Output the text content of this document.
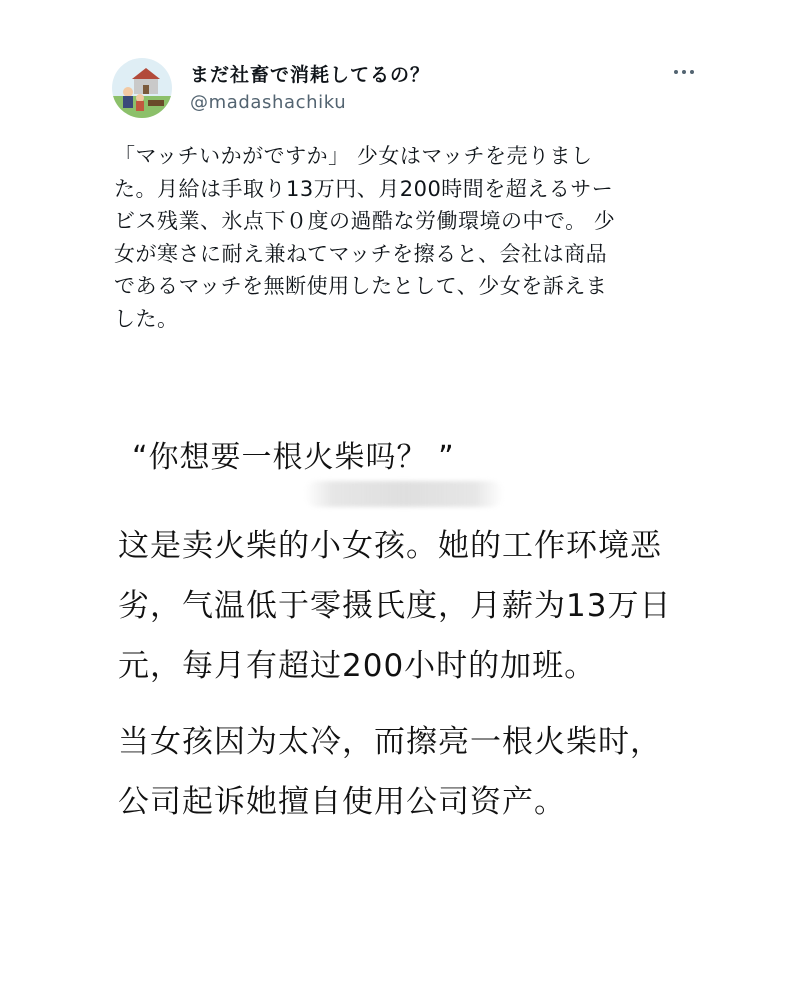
まだ社畜で消耗してるの？
@madashachiku
「マッチいかがですか」 少女はマッチを売りまし
た。月給は手取り13万円、月200時間を超えるサー
ビス残業、氷点下０度の過酷な労働環境の中で。 少
女が寒さに耐え兼ねてマッチを擦ると、会社は商品
であるマッチを無断使用したとして、少女を訴えま
した。
“你想要一根火柴吗？ ”
这是卖火柴的小女孩。她的工作环境恶
劣，气温低于零摄氏度，月薪为13万日
元，每月有超过200小时的加班。
当女孩因为太冷，而擦亮一根火柴时，
公司起诉她擅自使用公司资产。
